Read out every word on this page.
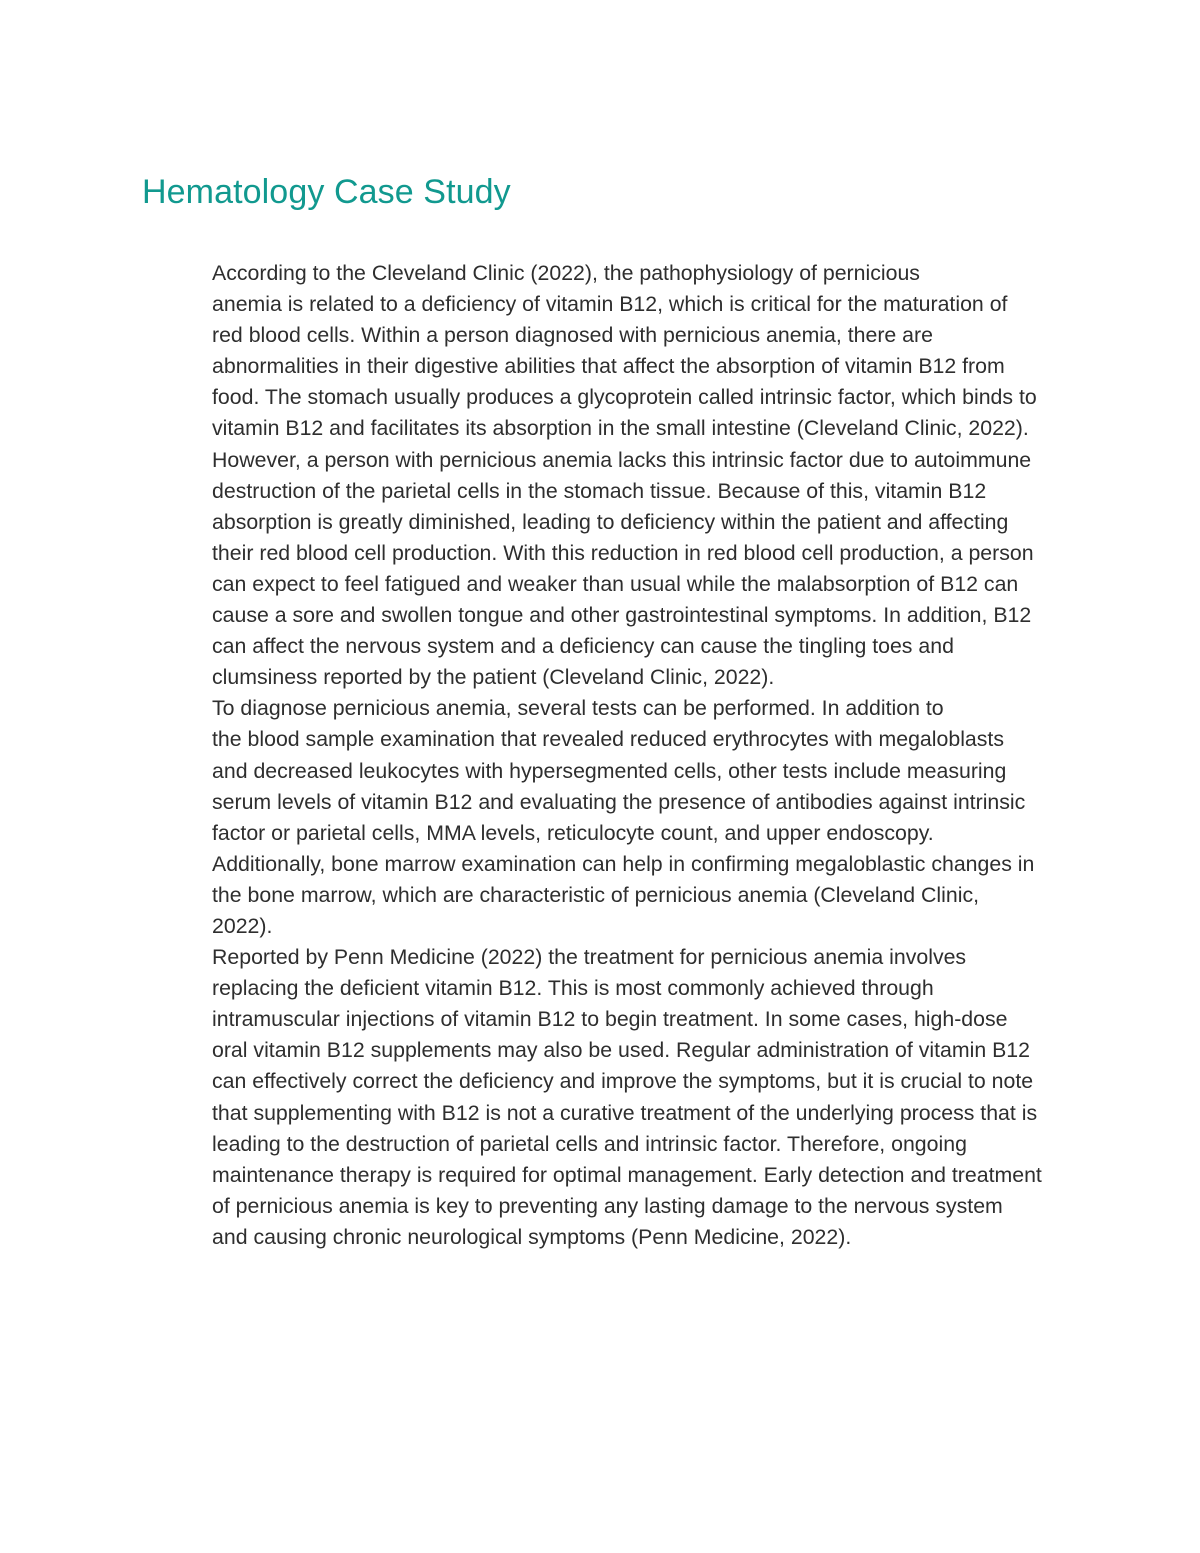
Hematology Case Study

According to the Cleveland Clinic (2022), the pathophysiology of pernicious
anemia is related to a deficiency of vitamin B12, which is critical for the maturation of
red blood cells. Within a person diagnosed with pernicious anemia, there are
abnormalities in their digestive abilities that affect the absorption of vitamin B12 from
food. The stomach usually produces a glycoprotein called intrinsic factor, which binds to
vitamin B12 and facilitates its absorption in the small intestine (Cleveland Clinic, 2022).
However, a person with pernicious anemia lacks this intrinsic factor due to autoimmune
destruction of the parietal cells in the stomach tissue. Because of this, vitamin B12
absorption is greatly diminished, leading to deficiency within the patient and affecting
their red blood cell production. With this reduction in red blood cell production, a person
can expect to feel fatigued and weaker than usual while the malabsorption of B12 can
cause a sore and swollen tongue and other gastrointestinal symptoms. In addition, B12
can affect the nervous system and a deficiency can cause the tingling toes and
clumsiness reported by the patient (Cleveland Clinic, 2022).

To diagnose pernicious anemia, several tests can be performed. In addition to
the blood sample examination that revealed reduced erythrocytes with megaloblasts
and decreased leukocytes with hypersegmented cells, other tests include measuring
serum levels of vitamin B12 and evaluating the presence of antibodies against intrinsic
factor or parietal cells, MMA levels, reticulocyte count, and upper endoscopy.
Additionally, bone marrow examination can help in confirming megaloblastic changes in
the bone marrow, which are characteristic of pernicious anemia (Cleveland Clinic,
2022).

Reported by Penn Medicine (2022) the treatment for pernicious anemia involves
replacing the deficient vitamin B12. This is most commonly achieved through
intramuscular injections of vitamin B12 to begin treatment. In some cases, high-dose
oral vitamin B12 supplements may also be used. Regular administration of vitamin B12
can effectively correct the deficiency and improve the symptoms, but it is crucial to note
that supplementing with B12 is not a curative treatment of the underlying process that is
leading to the destruction of parietal cells and intrinsic factor. Therefore, ongoing
maintenance therapy is required for optimal management. Early detection and treatment
of pernicious anemia is key to preventing any lasting damage to the nervous system
and causing chronic neurological symptoms (Penn Medicine, 2022).
